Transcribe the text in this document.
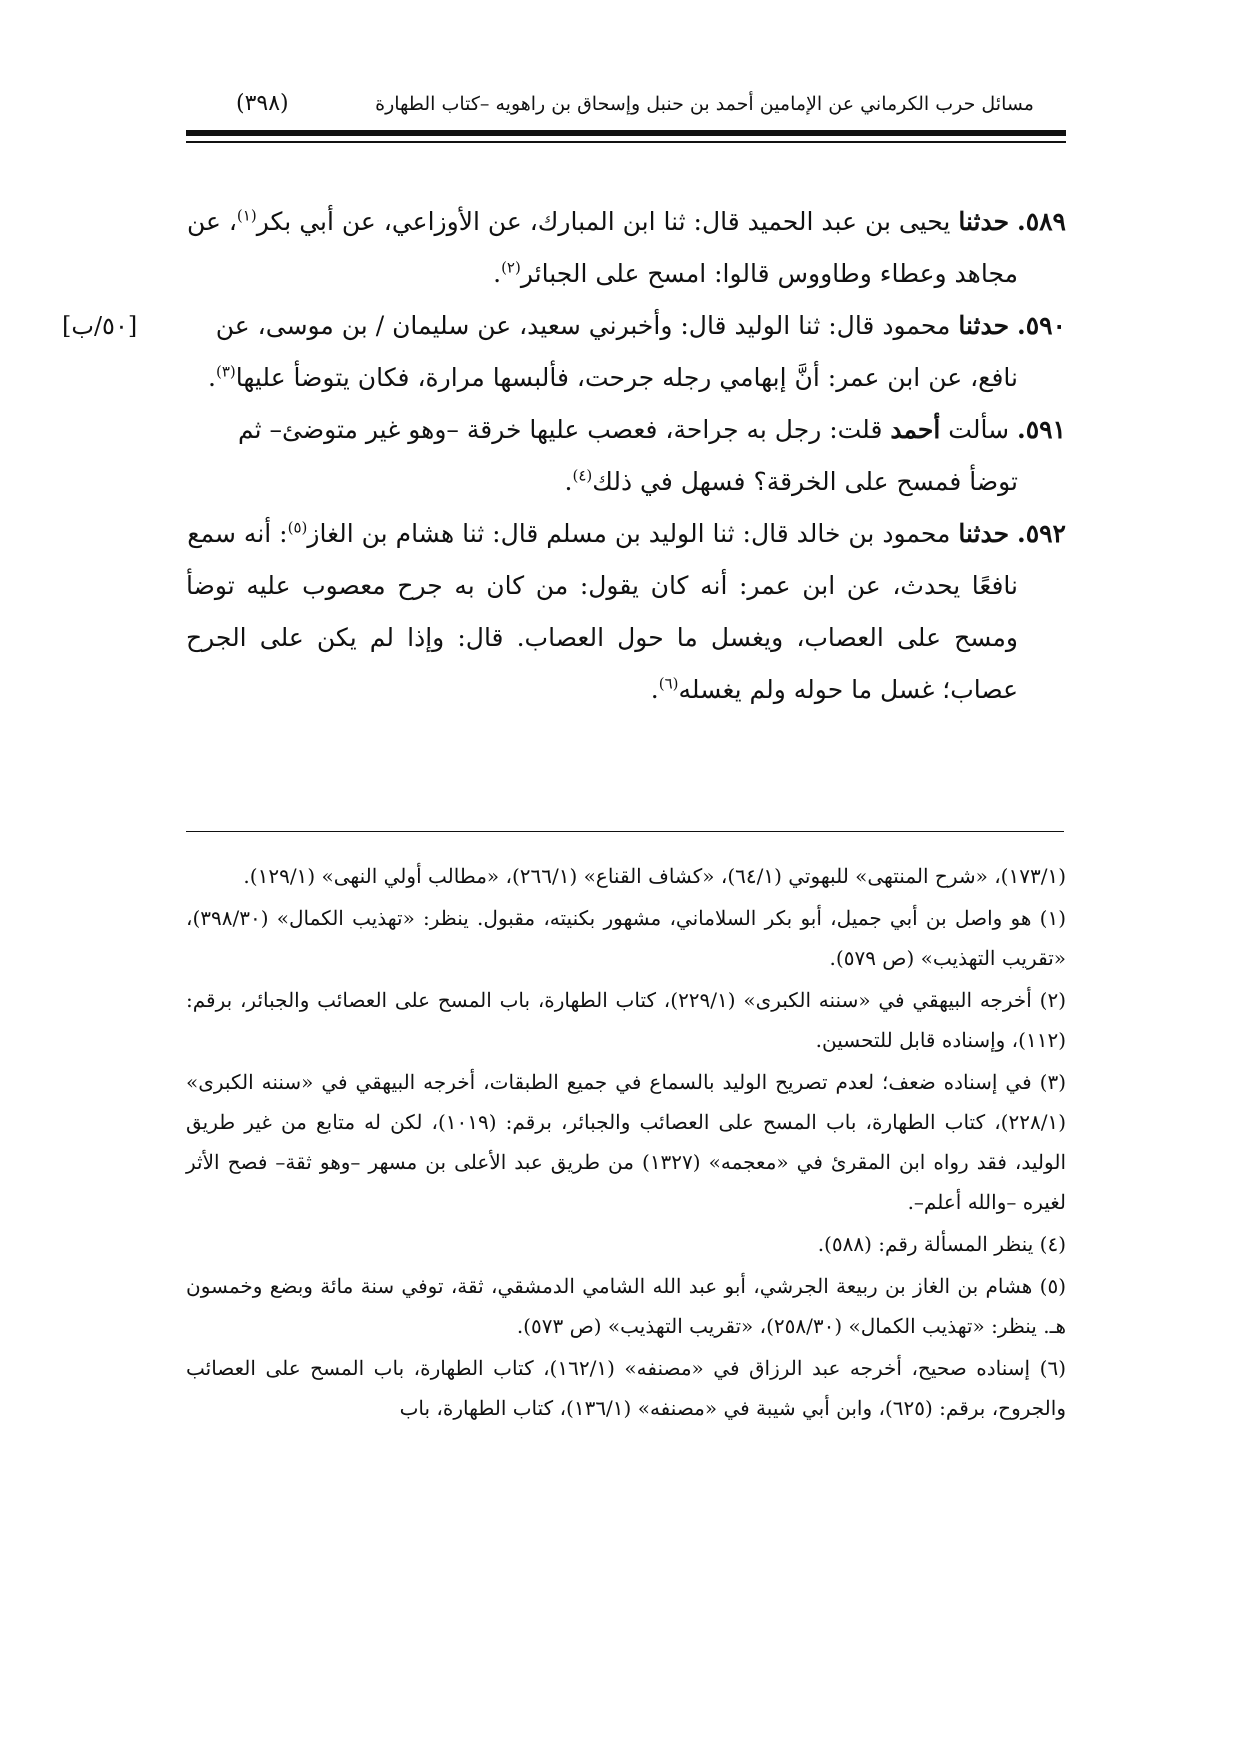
مسائل حرب الكرماني عن الإمامين أحمد بن حنبل وإسحاق بن راهويه –كتاب الطهارة
(٣٩٨)
[٥٠/ب]
٥٨٩. حدثنا يحيى بن عبد الحميد قال: ثنا ابن المبارك، عن الأوزاعي، عن أبي بكر$^{(١)}$، عن
مجاهد وعطاء وطاووس قالوا: امسح على الجبائر$^{(٢)}$.
٥٩٠. حدثنا محمود قال: ثنا الوليد قال: وأخبرني سعيد، عن سليمان / بن موسى، عن
نافع، عن ابن عمر: أنَّ إبهامي رجله جرحت، فألبسها مرارة، فكان يتوضأ عليها$^{(٣)}$.
٥٩١. سألت أحمد قلت: رجل به جراحة، فعصب عليها خرقة –وهو غير متوضئ– ثم
توضأ فمسح على الخرقة؟ فسهل في ذلك$^{(٤)}$.
٥٩٢. حدثنا محمود بن خالد قال: ثنا الوليد بن مسلم قال: ثنا هشام بن الغاز$^{(٥)}$: أنه سمع
نافعًا يحدث، عن ابن عمر: أنه كان يقول: من كان به جرح معصوب عليه توضأ ومسح على العصاب، ويغسل ما حول العصاب. قال: وإذا لم يكن على الجرح عصاب؛ غسل ما حوله ولم يغسله$^{(٦)}$.
(١٧٣/١)، «شرح المنتهى» للبهوتي (٦٤/١)، «كشاف القناع» (٢٦٦/١)، «مطالب أولي النهى» (١٢٩/١).
(١) هو واصل بن أبي جميل، أبو بكر السلاماني، مشهور بكنيته، مقبول. ينظر: «تهذيب الكمال» (٣٩٨/٣٠)، «تقريب التهذيب» (ص ٥٧٩).
(٢) أخرجه البيهقي في «سننه الكبرى» (٢٢٩/١)، كتاب الطهارة، باب المسح على العصائب والجبائر، برقم: (١١٢)، وإسناده قابل للتحسين.
(٣) في إسناده ضعف؛ لعدم تصريح الوليد بالسماع في جميع الطبقات، أخرجه البيهقي في «سننه الكبرى» (٢٢٨/١)، كتاب الطهارة، باب المسح على العصائب والجبائر، برقم: (١٠١٩)، لكن له متابع من غير طريق الوليد، فقد رواه ابن المقرئ في «معجمه» (١٣٢٧) من طريق عبد الأعلى بن مسهر –وهو ثقة– فصح الأثر لغيره –والله أعلم–.
(٤) ينظر المسألة رقم: (٥٨٨).
(٥) هشام بن الغاز بن ربيعة الجرشي، أبو عبد الله الشامي الدمشقي، ثقة، توفي سنة مائة وبضع وخمسون هـ. ينظر: «تهذيب الكمال» (٢٥٨/٣٠)، «تقريب التهذيب» (ص ٥٧٣).
(٦) إسناده صحيح، أخرجه عبد الرزاق في «مصنفه» (١٦٢/١)، كتاب الطهارة، باب المسح على العصائب والجروح، برقم: (٦٢٥)، وابن أبي شيبة في «مصنفه» (١٣٦/١)، كتاب الطهارة، باب
